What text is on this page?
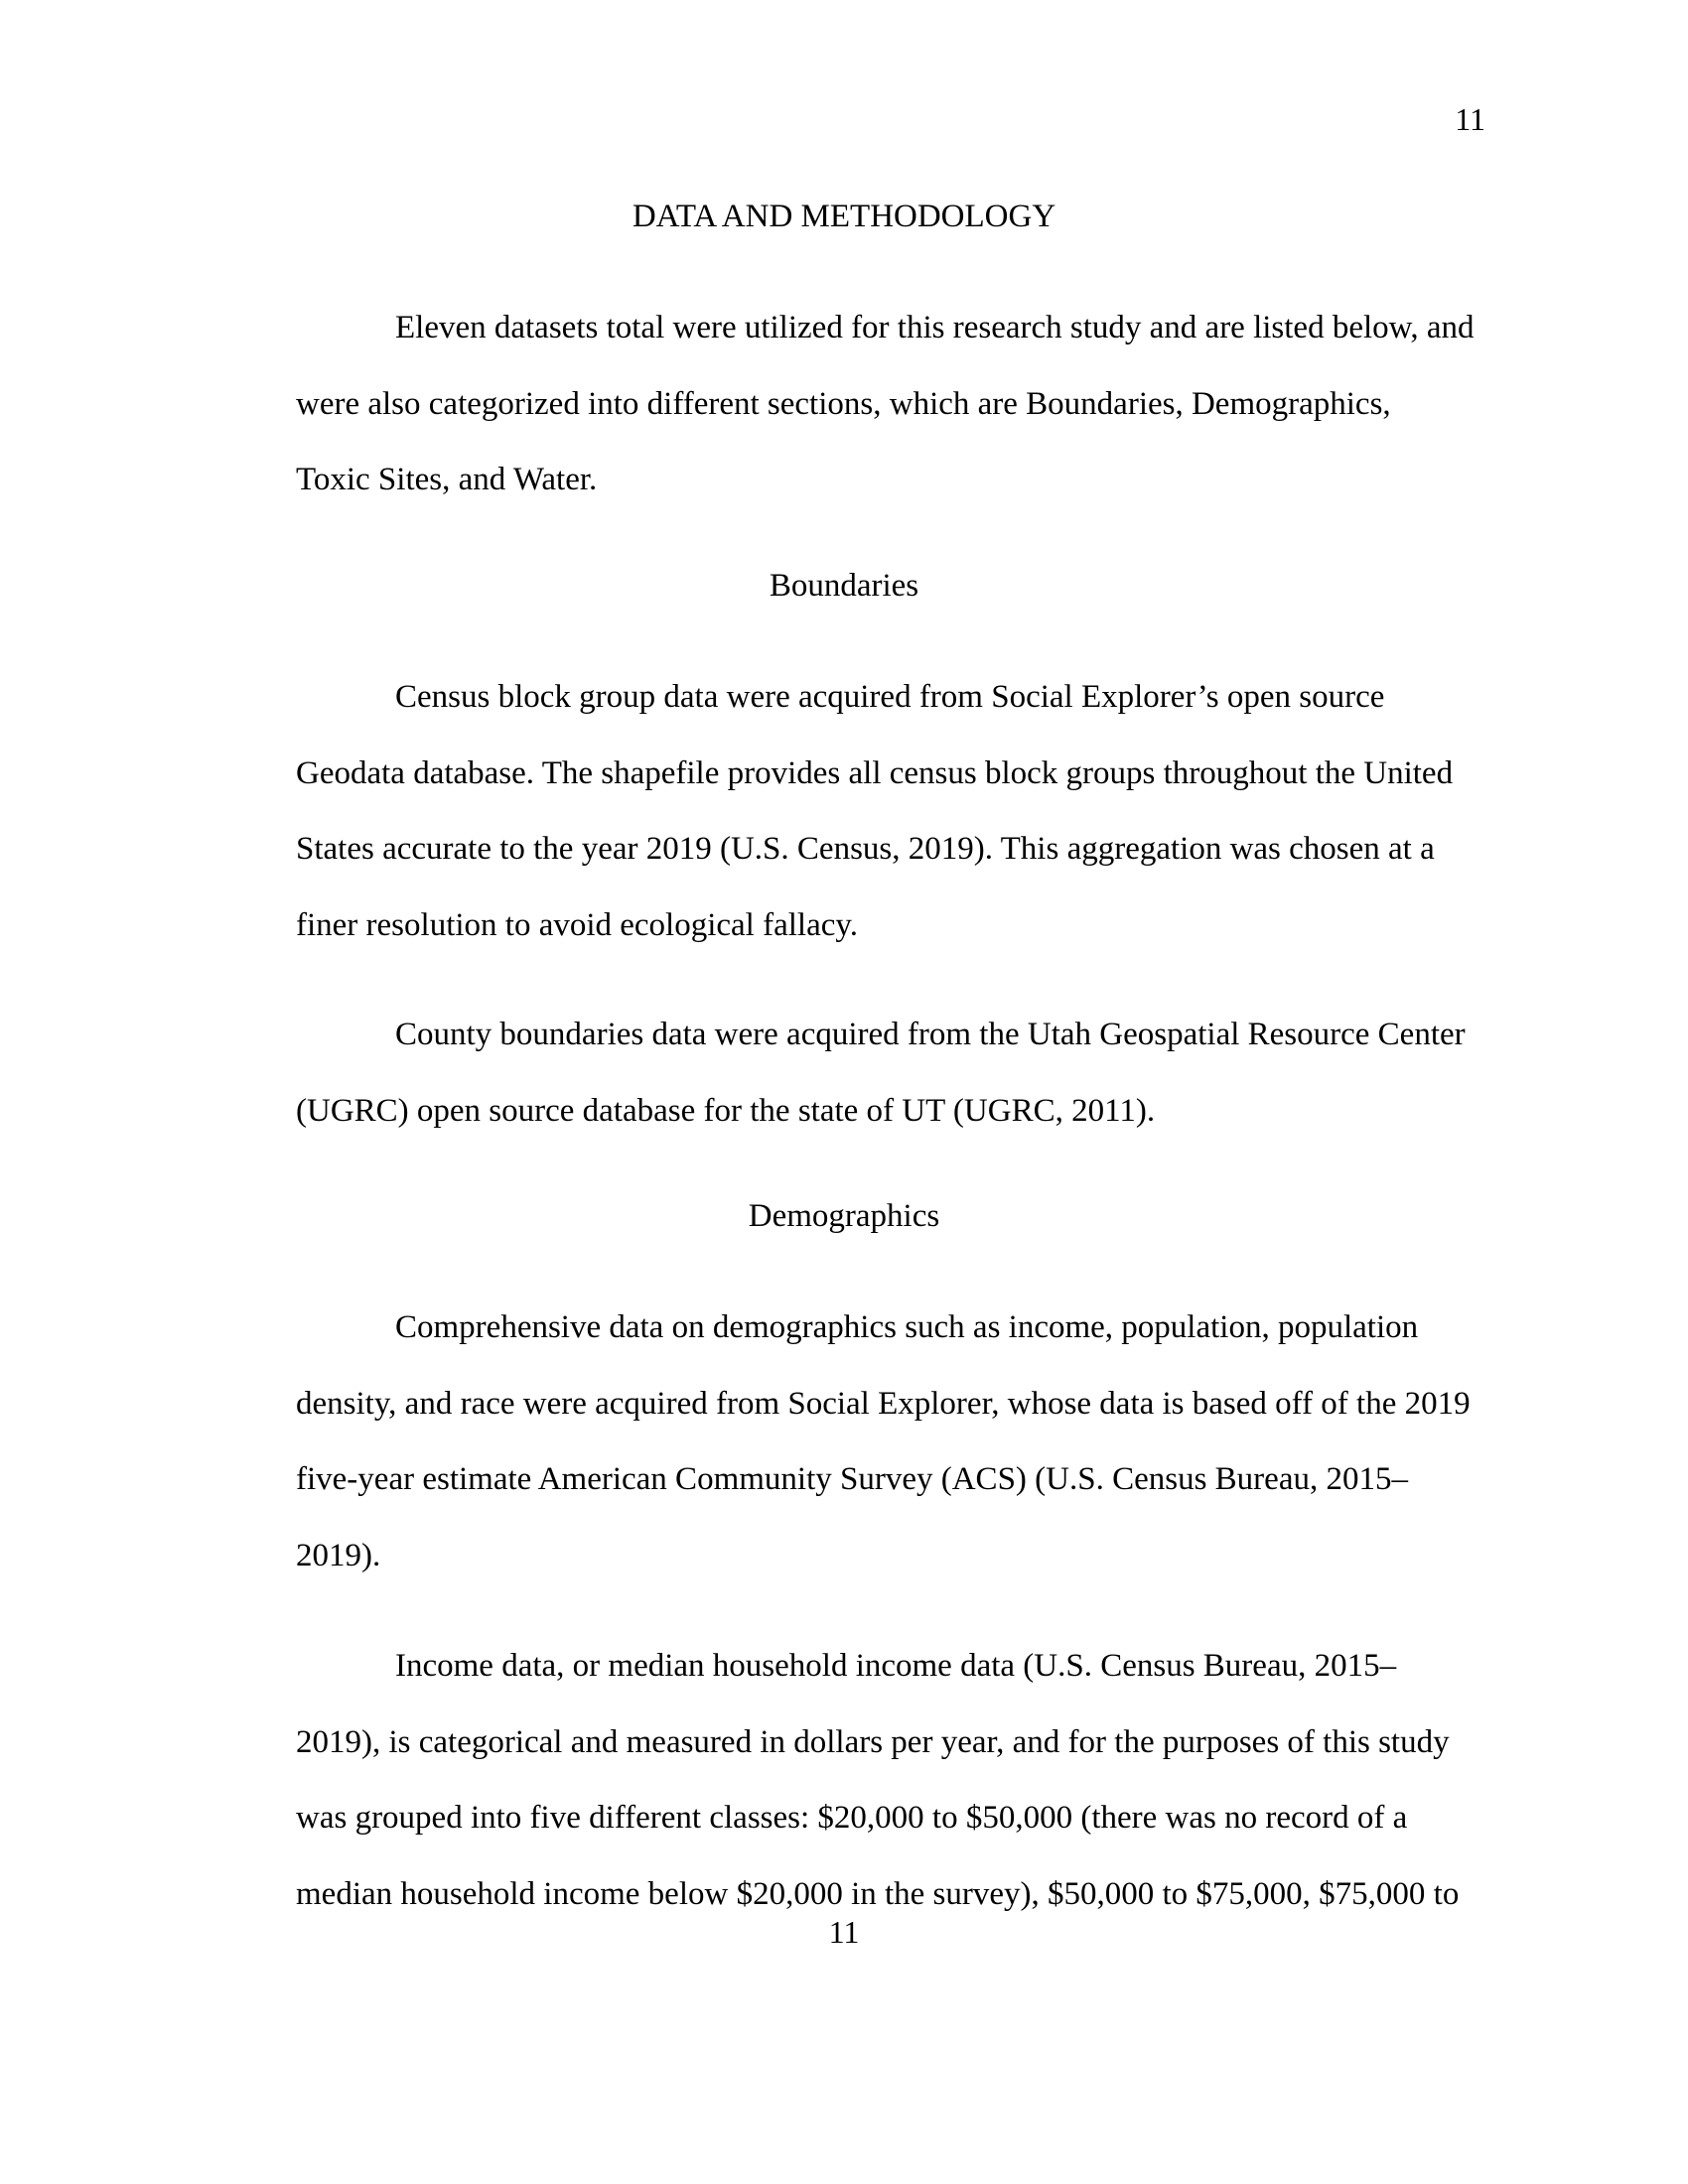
11
DATA AND METHODOLOGY

Eleven datasets total were utilized for this research study and are listed below, and
were also categorized into different sections, which are Boundaries, Demographics,
Toxic Sites, and Water.

Boundaries

Census block group data were acquired from Social Explorer’s open source
Geodata database. The shapefile provides all census block groups throughout the United
States accurate to the year 2019 (U.S. Census, 2019). This aggregation was chosen at a
finer resolution to avoid ecological fallacy.

County boundaries data were acquired from the Utah Geospatial Resource Center
(UGRC) open source database for the state of UT (UGRC, 2011).

Demographics

Comprehensive data on demographics such as income, population, population
density, and race were acquired from Social Explorer, whose data is based off of the 2019
five-year estimate American Community Survey (ACS) (U.S. Census Bureau, 2015–
2019).

Income data, or median household income data (U.S. Census Bureau, 2015–
2019), is categorical and measured in dollars per year, and for the purposes of this study
was grouped into five different classes: $20,000 to $50,000 (there was no record of a
median household income below $20,000 in the survey), $50,000 to $75,000, $75,000 to

11
